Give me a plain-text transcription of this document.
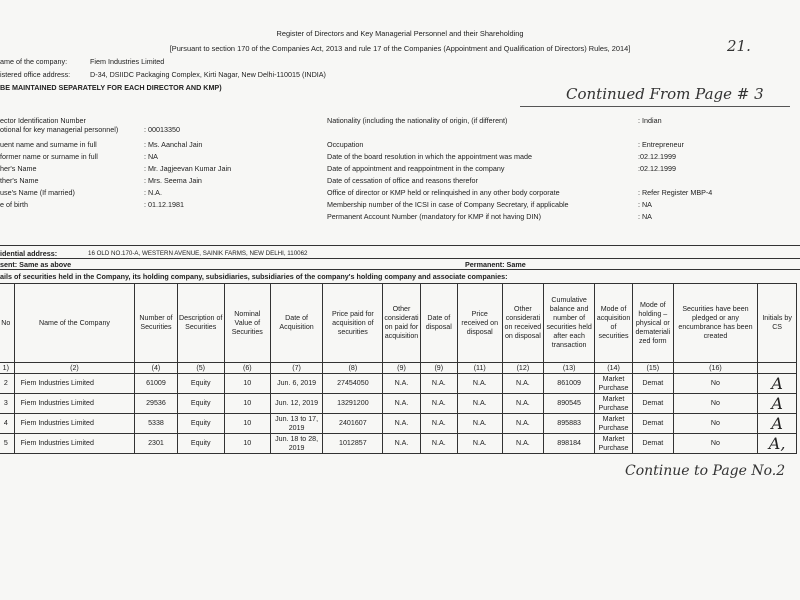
Register of Directors and Key Managerial Personnel and their Shareholding
[Pursuant to section 170 of the Companies Act, 2013 and rule 17 of the Companies (Appointment and Qualification of Directors) Rules, 2014]	21.
ame of the company:	Fiem Industries Limited
istered office address:	D-34, DSIIDC Packaging Complex, Kirti Nagar, New Delhi-110015 (INDIA)
BE MAINTAINED SEPARATELY FOR EACH DIRECTOR AND KMP)	Continued From Page # 3
ector Identification Number	Nationality (including the nationality of origin, (if different)	: Indian
otional for key managerial personnel)	: 00013350
uent name and surname in full	: Ms. Aanchal Jain	Occupation	: Entrepreneur
former name or surname in full	: NA	Date of the board resolution in which the appointment was made	:02.12.1999
her's Name	: Mr. Jagjeevan Kumar Jain	Date of appointment and reappointment in the company	:02.12.1999
ther's Name	: Mrs. Seema Jain	Date of cessation of office and reasons therefor
use's Name (If married)	: N.A.	Office of director or KMP held or relinquished in any other body corporate	: Refer Register MBP-4
e of birth	: 01.12.1981	Membership number of the ICSI in case of Company Secretary, if applicable	: NA
Permanent Account Number (mandatory for KMP if not having DIN)	: NA
idential address:	16 OLD NO.170-A, WESTERN AVENUE, SAINIK FARMS, NEW DELHI, 110062
sent: Same as above	Permanent: Same
ails of securities held in the Company, its holding company, subsidiaries, subsidiaries of the company's holding company and associate companies:
No	Name of the Company	Number of Securities	Description of Securities	Nominal Value of Securities	Date of Acquisition	Price paid for acquisition of securities	Other considerati on paid for acquisition	Date of disposal	Price received on disposal	Other considerati on received on disposal	Cumulative balance and number of securities held after each transaction	Mode of acquisition of securities	Mode of holding – physical or demateriali zed form	Securities have been pledged or any encumbrance has been created	Initials by CS
1)	(2)	(4)	(5)	(6)	(7)	(8)	(9)	(9)	(11)	(12)	(13)	(14)	(15)	(16)	
2	Fiem Industries Limited	61009	Equity	10	Jun. 6, 2019	27454050	N.A.	N.A.	N.A.	N.A.	861009	Market Purchase	Demat	No	A
3	Fiem Industries Limited	29536	Equity	10	Jun. 12, 2019	13291200	N.A.	N.A.	N.A.	N.A.	890545	Market Purchase	Demat	No	A
4	Fiem Industries Limited	5338	Equity	10	Jun. 13 to 17, 2019	2401607	N.A.	N.A.	N.A.	N.A.	895883	Market Purchase	Demat	No	A
5	Fiem Industries Limited	2301	Equity	10	Jun. 18 to 28, 2019	1012857	N.A.	N.A.	N.A.	N.A.	898184	Market Purchase	Demat	No	A,
Continue to Page No.2
